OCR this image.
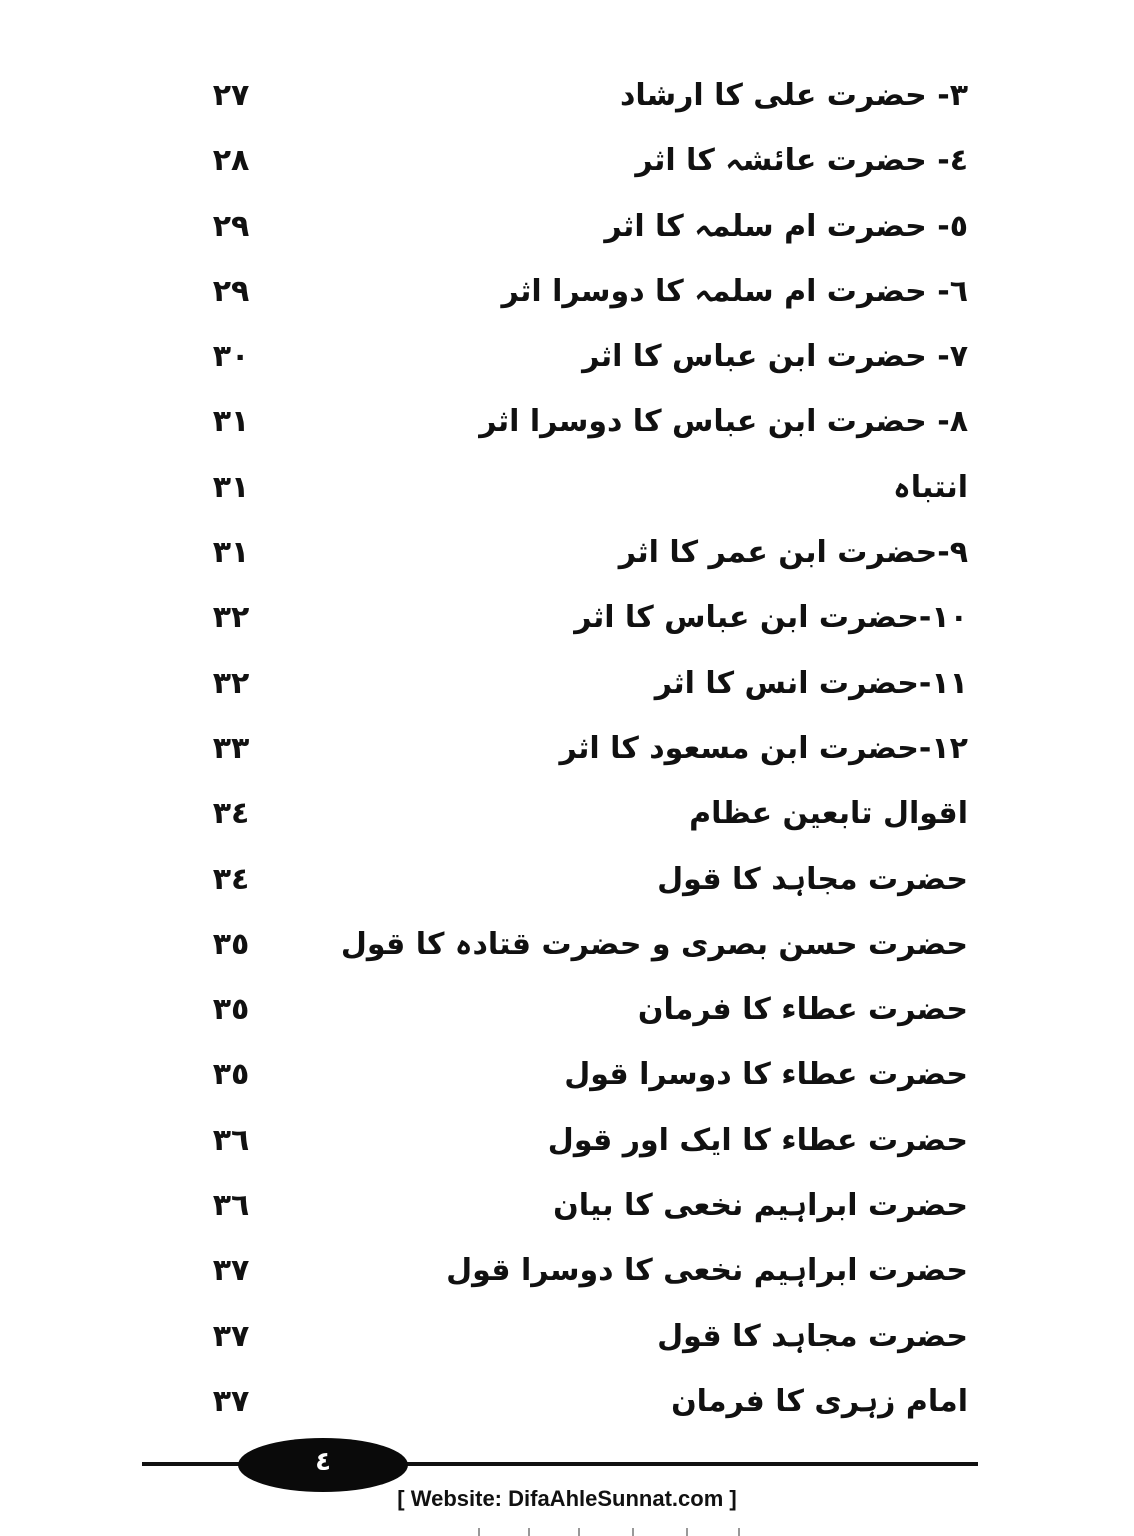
٣- حضرت علی کا ارشاد
٢٧
٤- حضرت عائشہ کا اثر
٢٨
٥- حضرت ام سلمہ کا اثر
٢٩
٦- حضرت ام سلمہ کا دوسرا اثر
٢٩
٧- حضرت ابن عباس کا اثر
٣٠
٨- حضرت ابن عباس کا دوسرا اثر
٣١
انتباہ
٣١
٩-حضرت ابن عمر کا اثر
٣١
١٠-حضرت ابن عباس کا اثر
٣٢
١١-حضرت انس کا اثر
٣٢
١٢-حضرت ابن مسعود کا اثر
٣٣
اقوال تابعین عظام
٣٤
حضرت مجاہد کا قول
٣٤
حضرت حسن بصری و حضرت قتادہ کا قول
٣٥
حضرت عطاء کا فرمان
٣٥
حضرت عطاء کا دوسرا قول
٣٥
حضرت عطاء کا ایک اور قول
٣٦
حضرت ابراہیم نخعی کا بیان
٣٦
حضرت ابراہیم نخعی کا دوسرا قول
٣٧
حضرت مجاہد کا قول
٣٧
امام زہری کا فرمان
٣٧
٤
[ Website: DifaAhleSunnat.com ]
